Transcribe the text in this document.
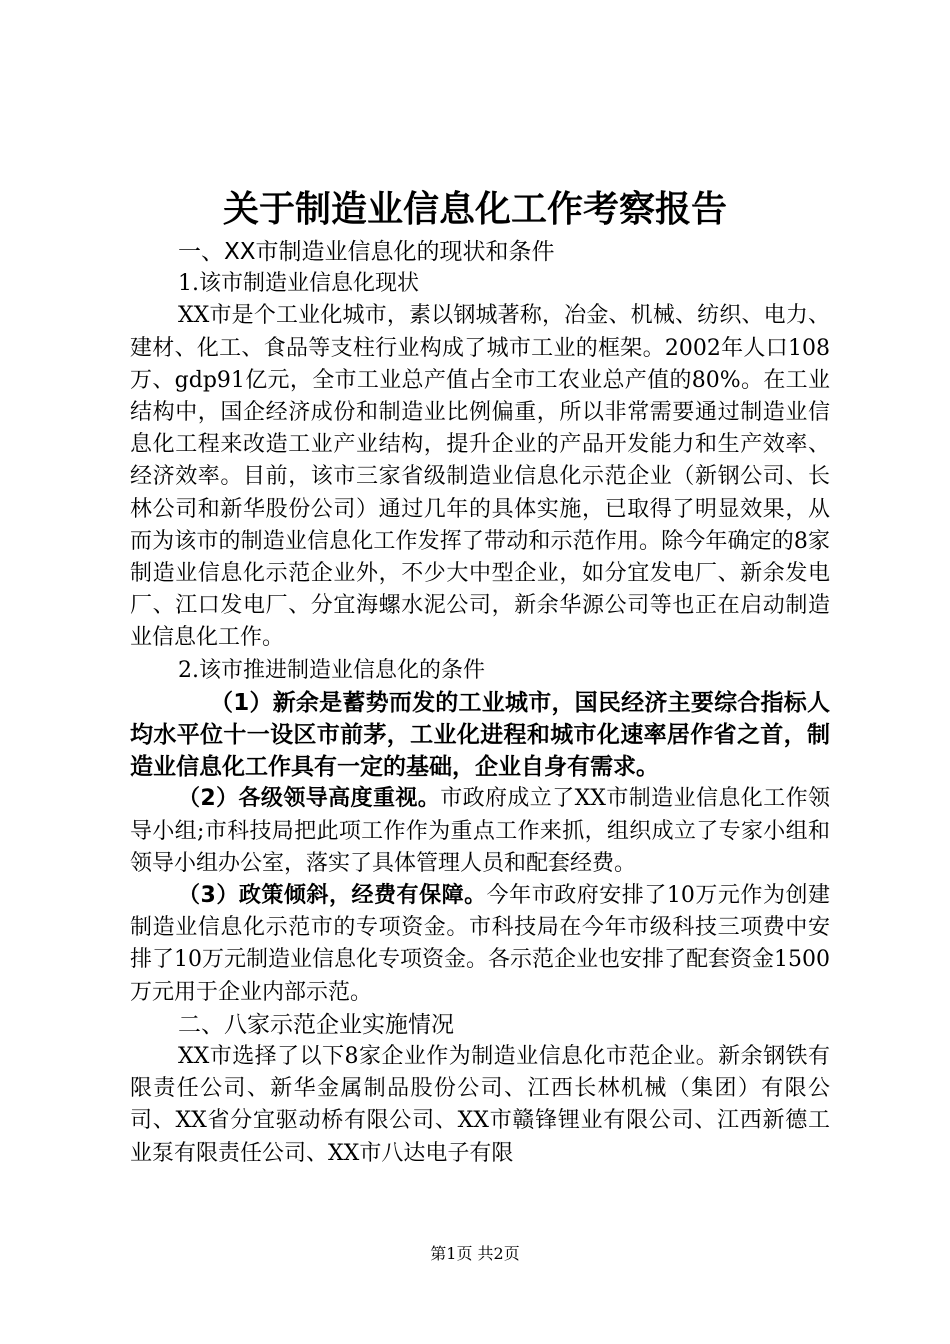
关于制造业信息化工作考察报告

一、XX市制造业信息化的现状和条件

1.该市制造业信息化现状

XX市是个工业化城市，素以钢城著称，冶金、机械、纺织、电力、建材、化工、食品等支柱行业构成了城市工业的框架。2002年人口108万、gdp91亿元，全市工业总产值占全市工农业总产值的80%。在工业结构中，国企经济成份和制造业比例偏重，所以非常需要通过制造业信息化工程来改造工业产业结构，提升企业的产品开发能力和生产效率、经济效率。目前，该市三家省级制造业信息化示范企业（新钢公司、长林公司和新华股份公司）通过几年的具体实施，已取得了明显效果，从而为该市的制造业信息化工作发挥了带动和示范作用。除今年确定的8家制造业信息化示范企业外，不少大中型企业，如分宜发电厂、新余发电厂、江口发电厂、分宜海螺水泥公司，新余华源公司等也正在启动制造业信息化工作。

2.该市推进制造业信息化的条件

（1）新余是蓄势而发的工业城市，国民经济主要综合指标人均水平位十一设区市前茅，工业化进程和城市化速率居作省之首，制造业信息化工作具有一定的基础，企业自身有需求。

（2）各级领导高度重视。市政府成立了XX市制造业信息化工作领导小组;市科技局把此项工作作为重点工作来抓，组织成立了专家小组和领导小组办公室，落实了具体管理人员和配套经费。

（3）政策倾斜，经费有保障。今年市政府安排了10万元作为创建制造业信息化示范市的专项资金。市科技局在今年市级科技三项费中安排了10万元制造业信息化专项资金。各示范企业也安排了配套资金1500万元用于企业内部示范。

二、八家示范企业实施情况

XX市选择了以下8家企业作为制造业信息化市范企业。新余钢铁有限责任公司、新华金属制品股份公司、江西长林机械（集团）有限公司、XX省分宜驱动桥有限公司、XX市赣锋锂业有限公司、江西新德工业泵有限责任公司、XX市八达电子有限

第1页 共2页
